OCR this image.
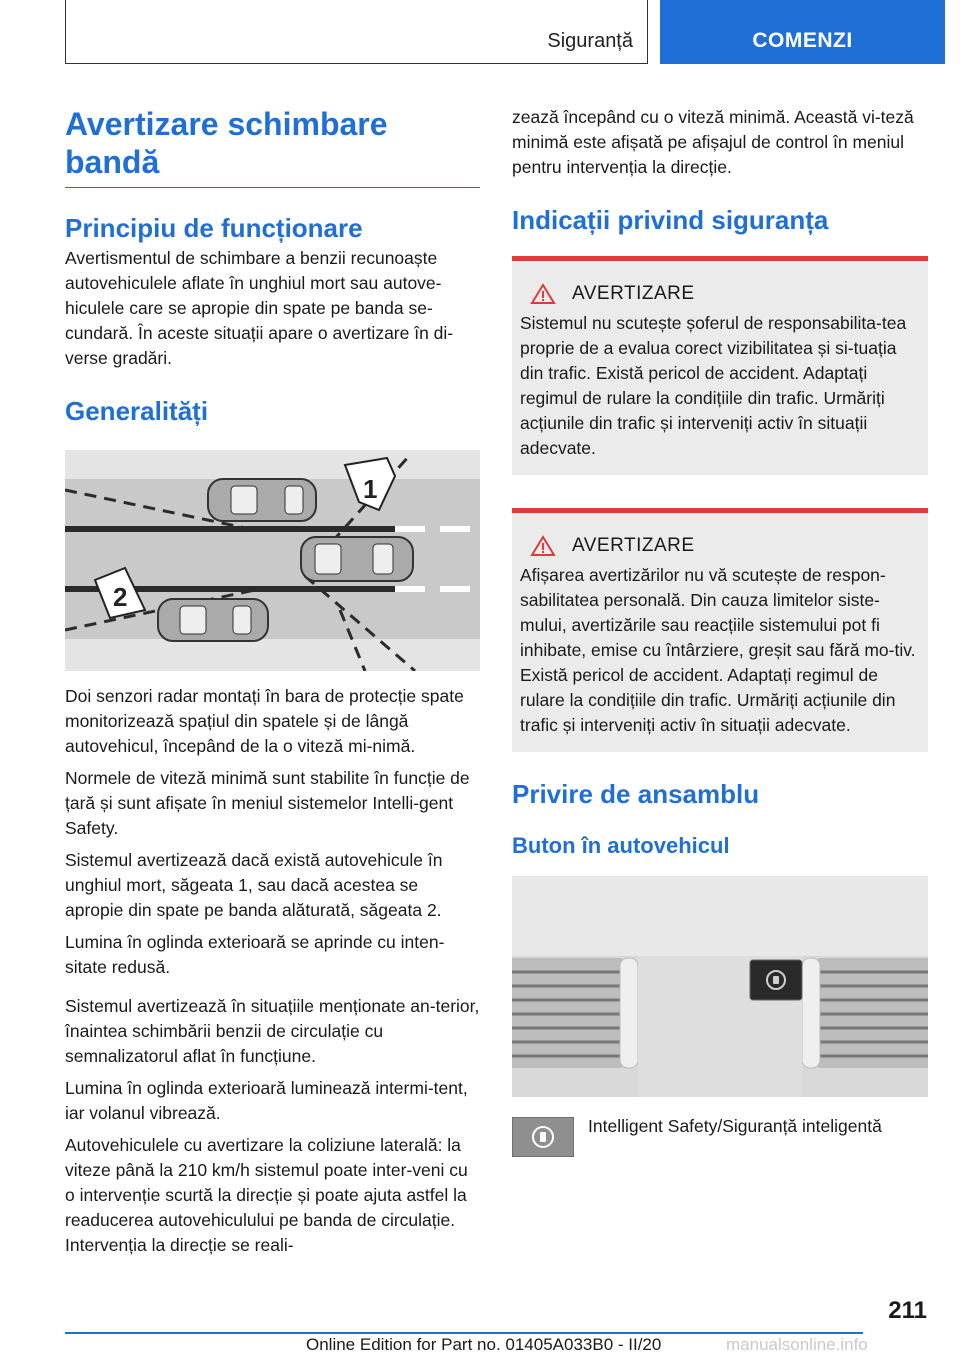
Siguranță	COMENZI
Avertizare schimbare bandă
Principiu de funcționare

Avertismentul de schimbare a benzii recunoaște autovehiculele aflate în unghiul mort sau autove-hiculele care se apropie din spate pe banda se-cundară. În aceste situații apare o avertizare în di-verse gradări.

Generalități
1
2

Doi senzori radar montați în bara de protecție spate monitorizează spațiul din spatele și de lângă autovehicul, începând de la o viteză mi-nimă.

Normele de viteză minimă sunt stabilite în funcție de țară și sunt afișate în meniul sistemelor Intelli-gent Safety.

Sistemul avertizează dacă există autovehicule în unghiul mort, săgeata 1, sau dacă acestea se apropie din spate pe banda alăturată, săgeata 2.

Lumina în oglinda exterioară se aprinde cu inten-sitate redusă.

Sistemul avertizează în situațiile menționate an-terior, înaintea schimbării benzii de circulație cu semnalizatorul aflat în funcțiune.

Lumina în oglinda exterioară luminează intermi-tent, iar volanul vibrează.

Autovehiculele cu avertizare la coliziune laterală: la viteze până la 210 km/h sistemul poate inter-veni cu o intervenție scurtă la direcție și poate ajuta astfel la readucerea autovehiculului pe banda de circulație. Intervenția la direcție se reali-

zează începând cu o viteză minimă. Această vi-teză minimă este afișată pe afișajul de control în meniul pentru intervenția la direcție.

Indicații privind siguranța
AVERTIZARE

Sistemul nu scutește șoferul de responsabilita-tea proprie de a evalua corect vizibilitatea și si-tuația din trafic. Există pericol de accident. Adaptați regimul de rulare la condițiile din trafic. Urmăriți acțiunile din trafic și interveniți activ în situații adecvate.

AVERTIZARE

Afișarea avertizărilor nu vă scutește de respon-sabilitatea personală. Din cauza limitelor siste-mului, avertizările sau reacțiile sistemului pot fi inhibate, emise cu întârziere, greșit sau fără mo-tiv. Există pericol de accident. Adaptați regimul de rulare la condițiile din trafic. Urmăriți acțiunile din trafic și interveniți activ în situații adecvate.

Privire de ansamblu
Buton în autovehicul

Intelligent Safety/Siguranță inteligentă

211
Online Edition for Part no. 01405A033B0 - II/20	manualsonline.info
